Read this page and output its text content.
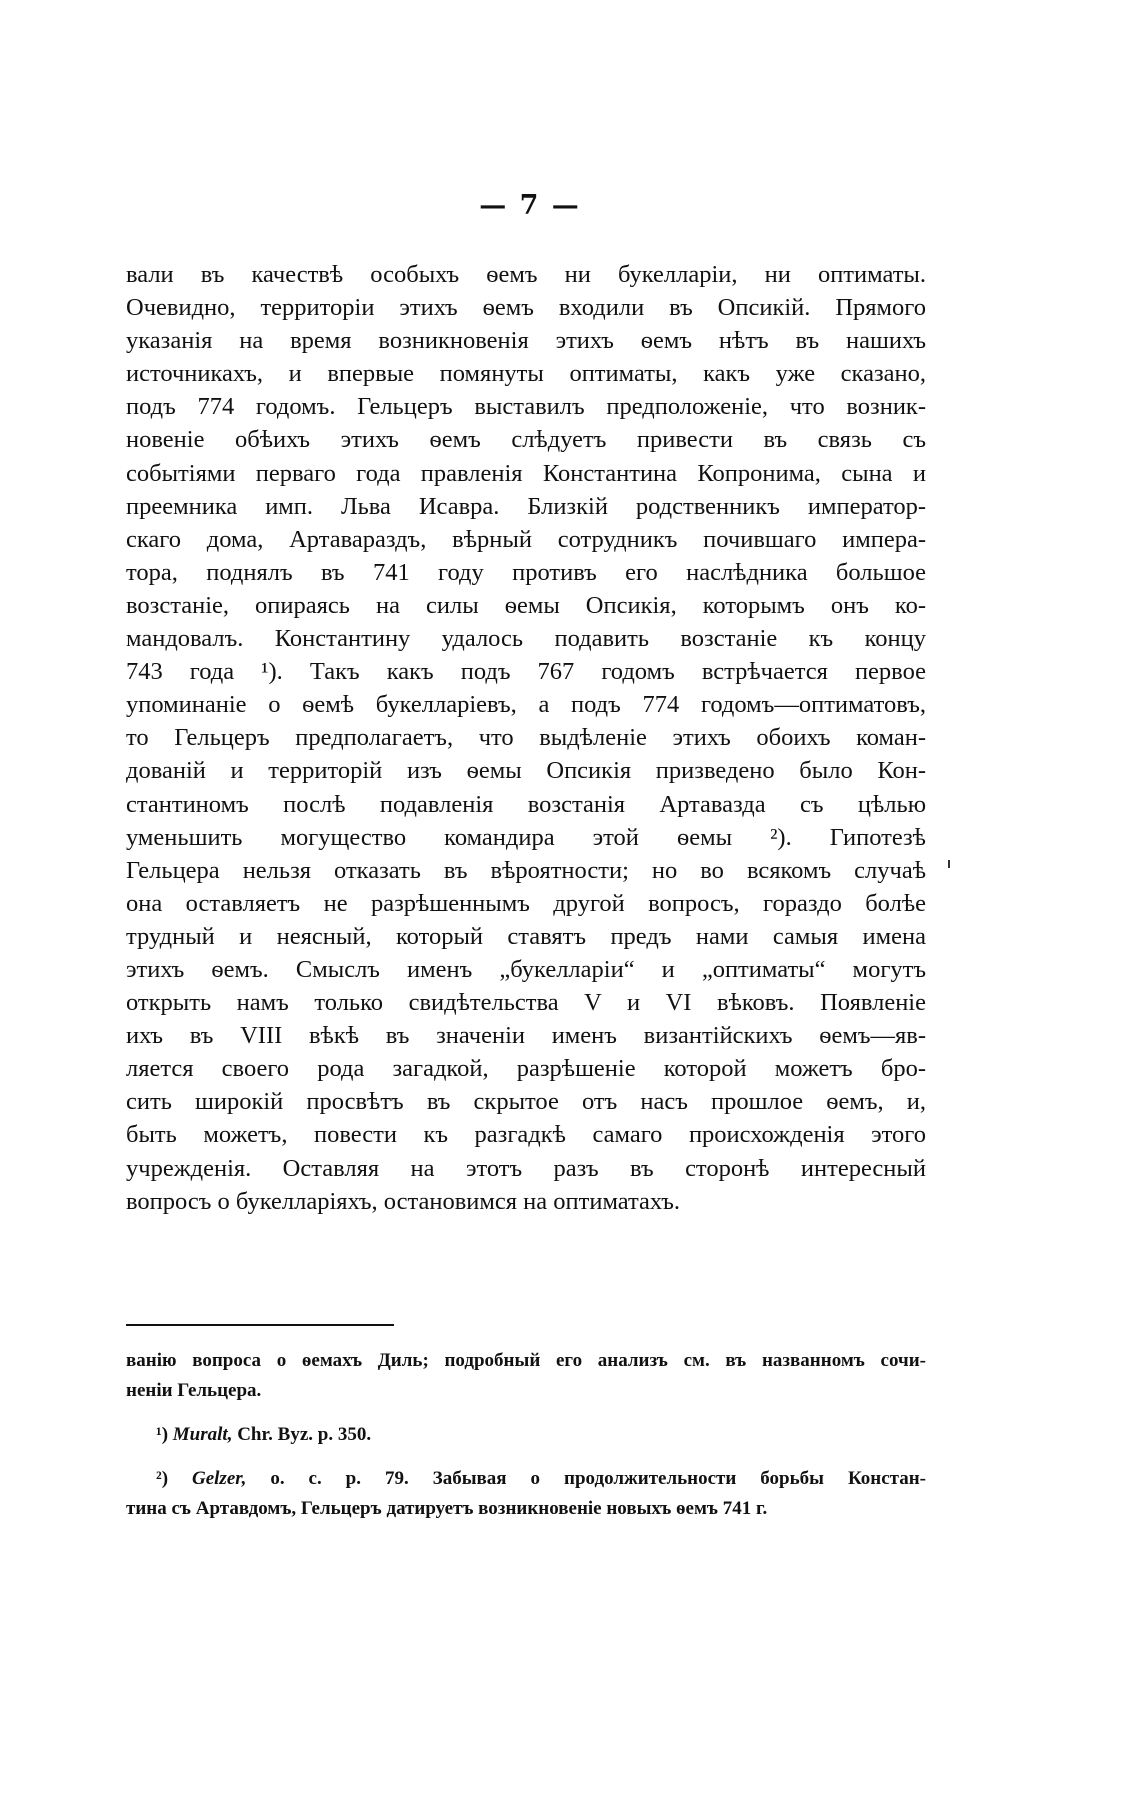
— 7 —
вали въ качествѣ особыхъ ѳемъ ни букелларіи, ни оптиматы.
Очевидно, территоріи этихъ ѳемъ входили въ Опсикій. Прямого
указанія на время возникновенія этихъ ѳемъ нѣтъ въ нашихъ
источникахъ, и впервые помянуты оптиматы, какъ уже сказано,
подъ 774 годомъ. Гельцеръ выставилъ предположеніе, что возник-
новеніе обѣихъ этихъ ѳемъ слѣдуетъ привести въ связь съ
событіями перваго года правленія Константина Копронима, сына и
преемника имп. Льва Исавра. Близкій родственникъ император-
скаго дома, Артавараздъ, вѣрный сотрудникъ почившаго импера-
тора, поднялъ въ 741 году противъ его наслѣдника большое
возстаніе, опираясь на силы ѳемы Опсикія, которымъ онъ ко-
мандовалъ. Константину удалось подавить возстаніе къ концу
743 года ¹). Такъ какъ подъ 767 годомъ встрѣчается первое
упоминаніе о ѳемѣ букелларіевъ, а подъ 774 годомъ—оптиматовъ,
то Гельцеръ предполагаетъ, что выдѣленіе этихъ обоихъ коман-
дованій и территорій изъ ѳемы Опсикія призведено было Кон-
стантиномъ послѣ подавленія возстанія Артавазда съ цѣлью
уменьшить могущество командира этой ѳемы ²). Гипотезѣ
Гельцера нельзя отказать въ вѣроятности; но во всякомъ случаѣ
она оставляетъ не разрѣшеннымъ другой вопросъ, гораздо болѣе
трудный и неясный, который ставятъ предъ нами самыя имена
этихъ ѳемъ. Смыслъ именъ „букелларіи“ и „оптиматы“ могутъ
открыть намъ только свидѣтельства V и VI вѣковъ. Появленіе
ихъ въ VIII вѣкѣ въ значеніи именъ византійскихъ ѳемъ—яв-
ляется своего рода загадкой, разрѣшеніе которой можетъ бро-
сить широкій просвѣтъ въ скрытое отъ насъ прошлое ѳемъ, и,
быть можетъ, повести къ разгадкѣ самаго происхожденія этого
учрежденія. Оставляя на этотъ разъ въ сторонѣ интересный
вопросъ о букелларіяхъ, остановимся на оптиматахъ.
ванію вопроса о ѳемахъ Диль; подробный его анализъ см. въ названномъ сочи-
неніи Гельцера.
¹) Muralt, Chr. Byz. p. 350.
²) Gelzer, o. c. p. 79. Забывая о продолжительности борьбы Констан-
тина съ Артавдомъ, Гельцеръ датируетъ возникновеніе новыхъ ѳемъ 741 г.
